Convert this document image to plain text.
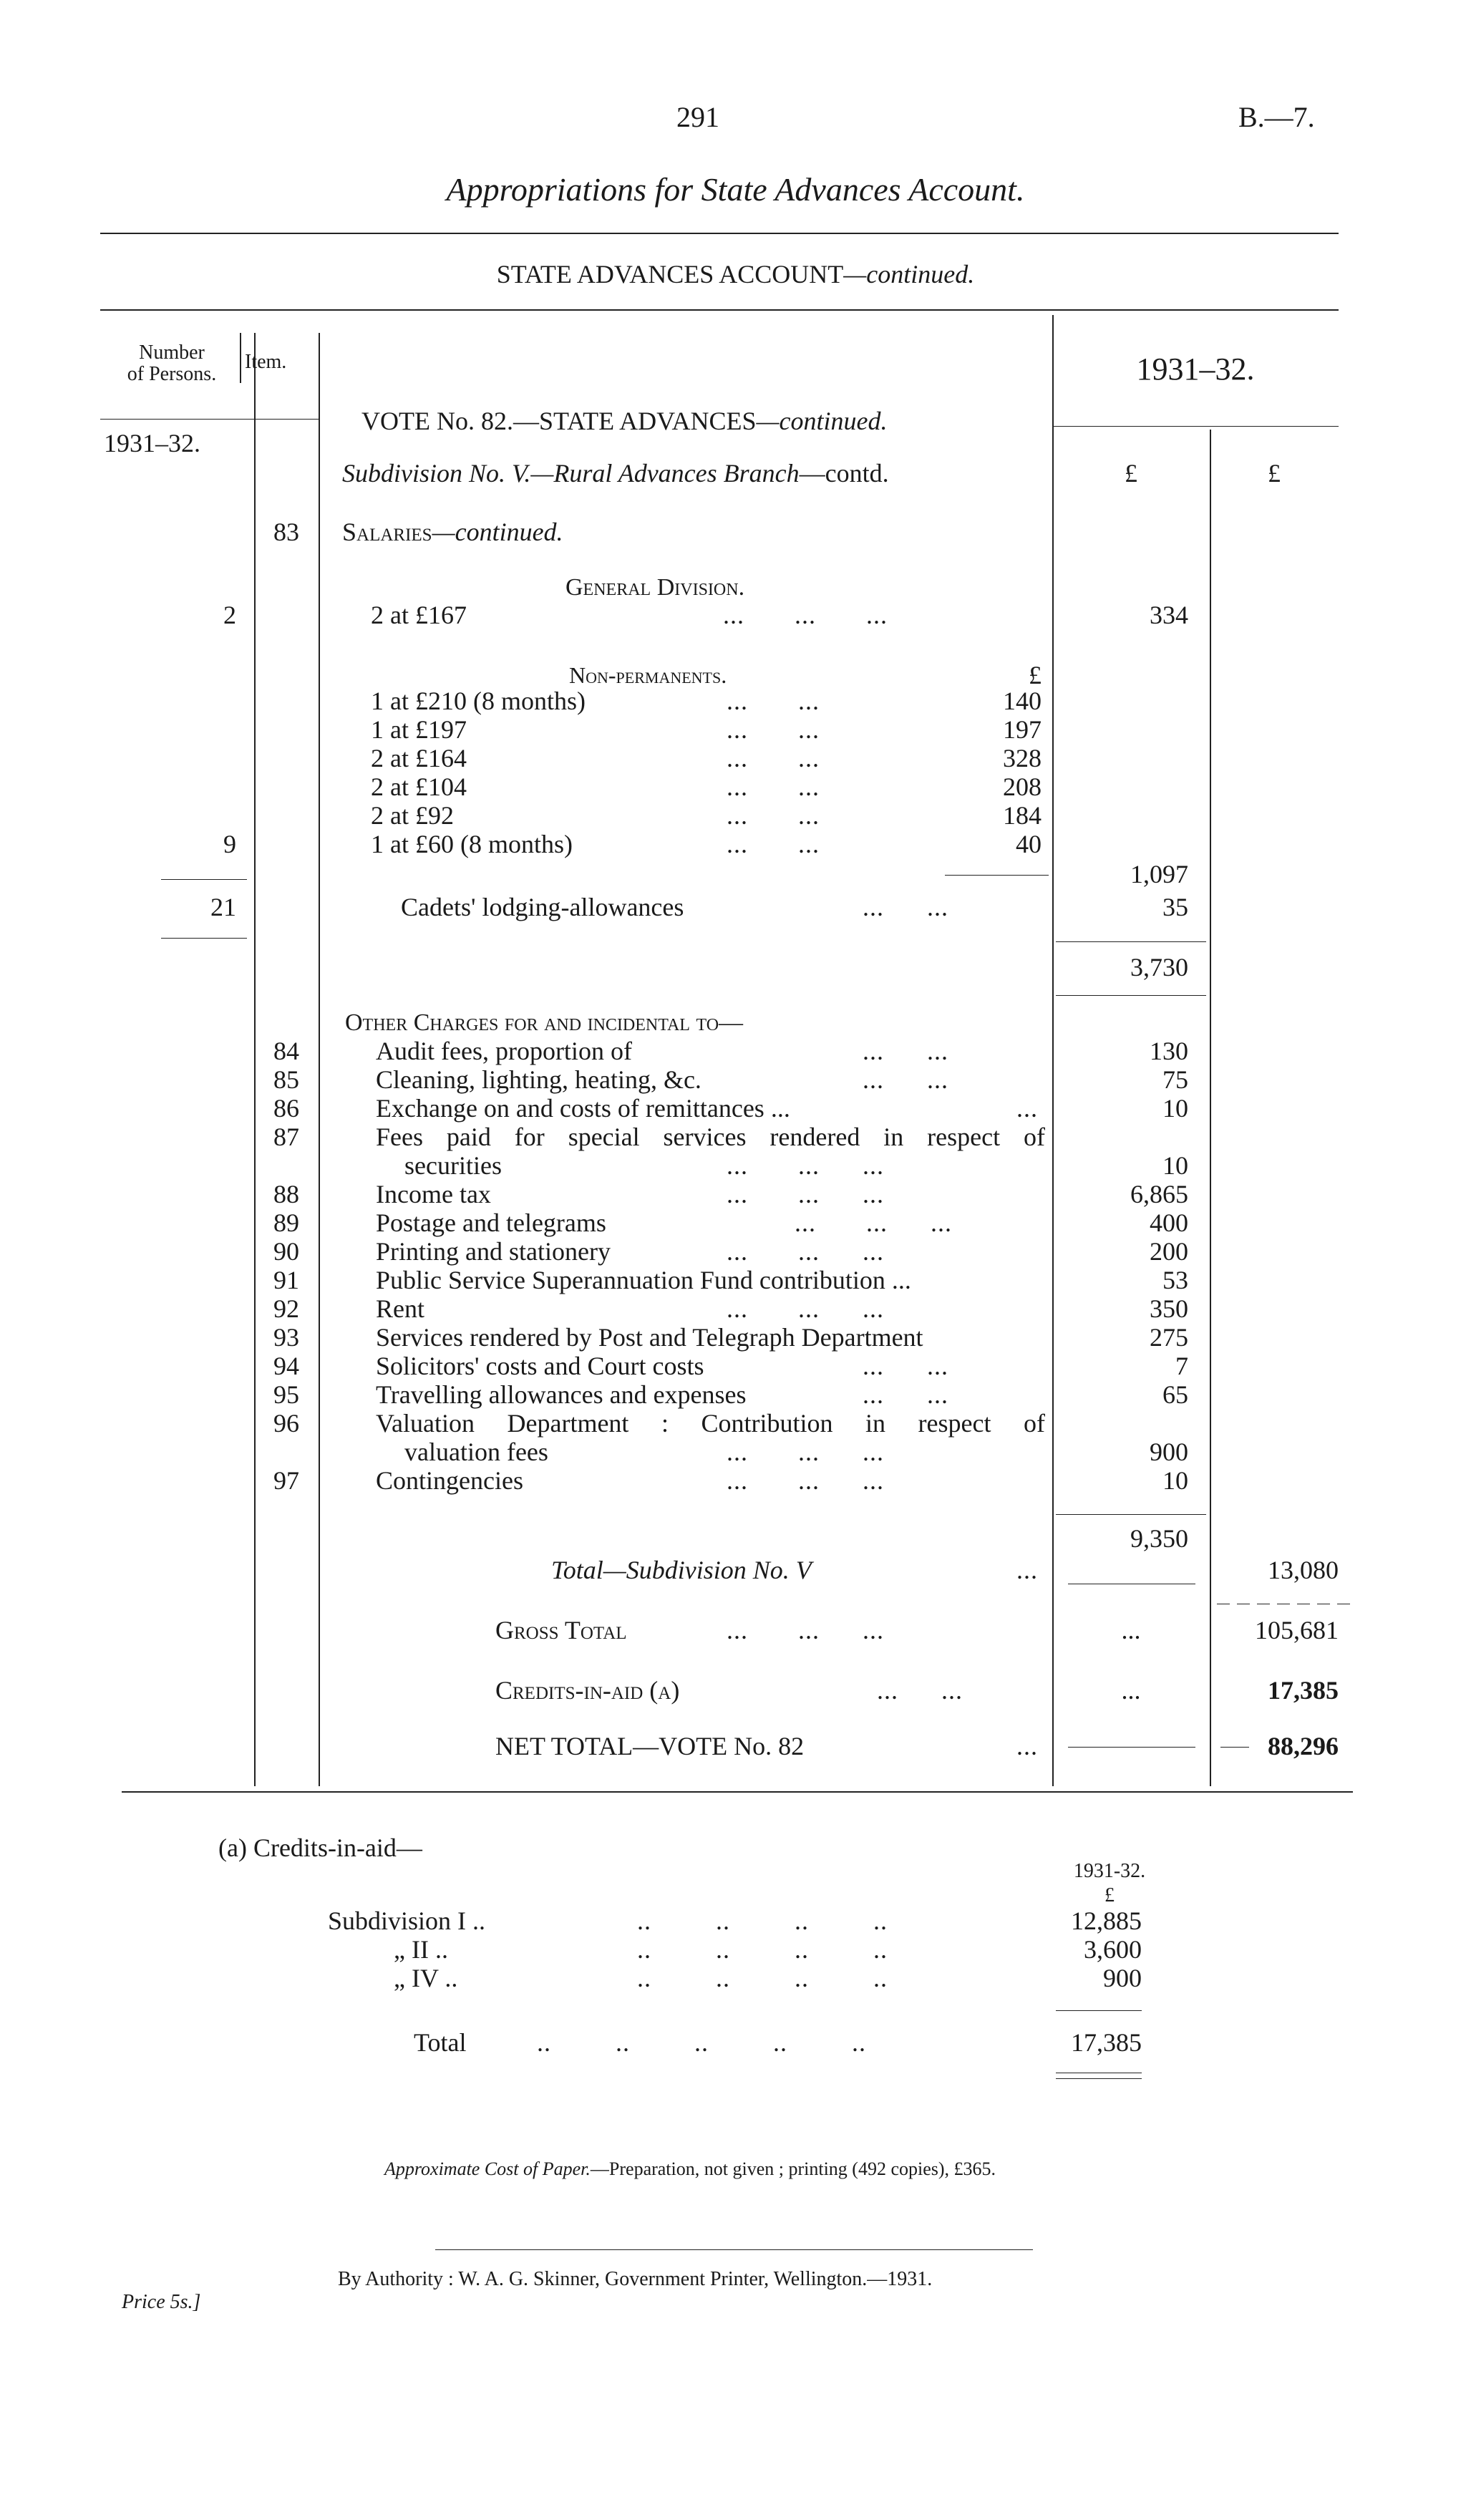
291	B.—7.
Appropriations for State Advances Account.
STATE ADVANCES ACCOUNT—continued.
Number
of Persons.
Item.	1931–32.
1931–32.
£	£
VOTE No. 82.—STATE ADVANCES—continued.
Subdivision No. V.—Rural Advances Branch—contd.
83	Salaries—continued.
General Division.
2	2 at £167	...       ...       ...	334
Non-permanents.	£
1 at £210 (8 months)	...       ...	140
1 at £197	...       ...	197
2 at £164	...       ...	328
2 at £104	...       ...	208
2 at £92	...       ...	184
9	1 at £60 (8 months)	...       ...	40
1,097
21	Cadets' lodging-allowances	...      ...	35
3,730
Other Charges for and incidental to—
84	Audit fees, proportion of	...      ...	130
85	Cleaning, lighting, heating, &c.	...      ...	75
86	Exchange on and costs of remittances ...	...	10
87	Fees paid for special services rendered in respect of
securities	...       ...      ...	10
88	Income tax	...       ...      ...	6,865
89	Postage and telegrams	...       ...      ...	400
90	Printing and stationery	...       ...      ...	200
91	Public Service Superannuation Fund contribution ...	53
92	Rent	...       ...      ...	350
93	Services rendered by Post and Telegraph Department	275
94	Solicitors' costs and Court costs	...      ...	7
95	Travelling allowances and expenses	...      ...	65
96	Valuation Department : Contribution in respect of
valuation fees	...       ...      ...	900
97	Contingencies	...       ...      ...	10
9,350
Total—Subdivision No. V	...	13,080
Gross Total	...       ...      ...	...	105,681
Credits-in-aid (a)	...      ...	...	17,385
NET TOTAL—VOTE No. 82	...	88,296
(a) Credits-in-aid—
1931-32.
£
Subdivision I ..	..         ..         ..         ..	12,885
„ II ..	..         ..         ..         ..	3,600
„ IV ..	..         ..         ..         ..	900
Total	..         ..         ..         ..         ..	17,385
Approximate Cost of Paper.—Preparation, not given ; printing (492 copies), £365.
Price 5s.]
By Authority : W. A. G. Skinner, Government Printer, Wellington.—1931.
